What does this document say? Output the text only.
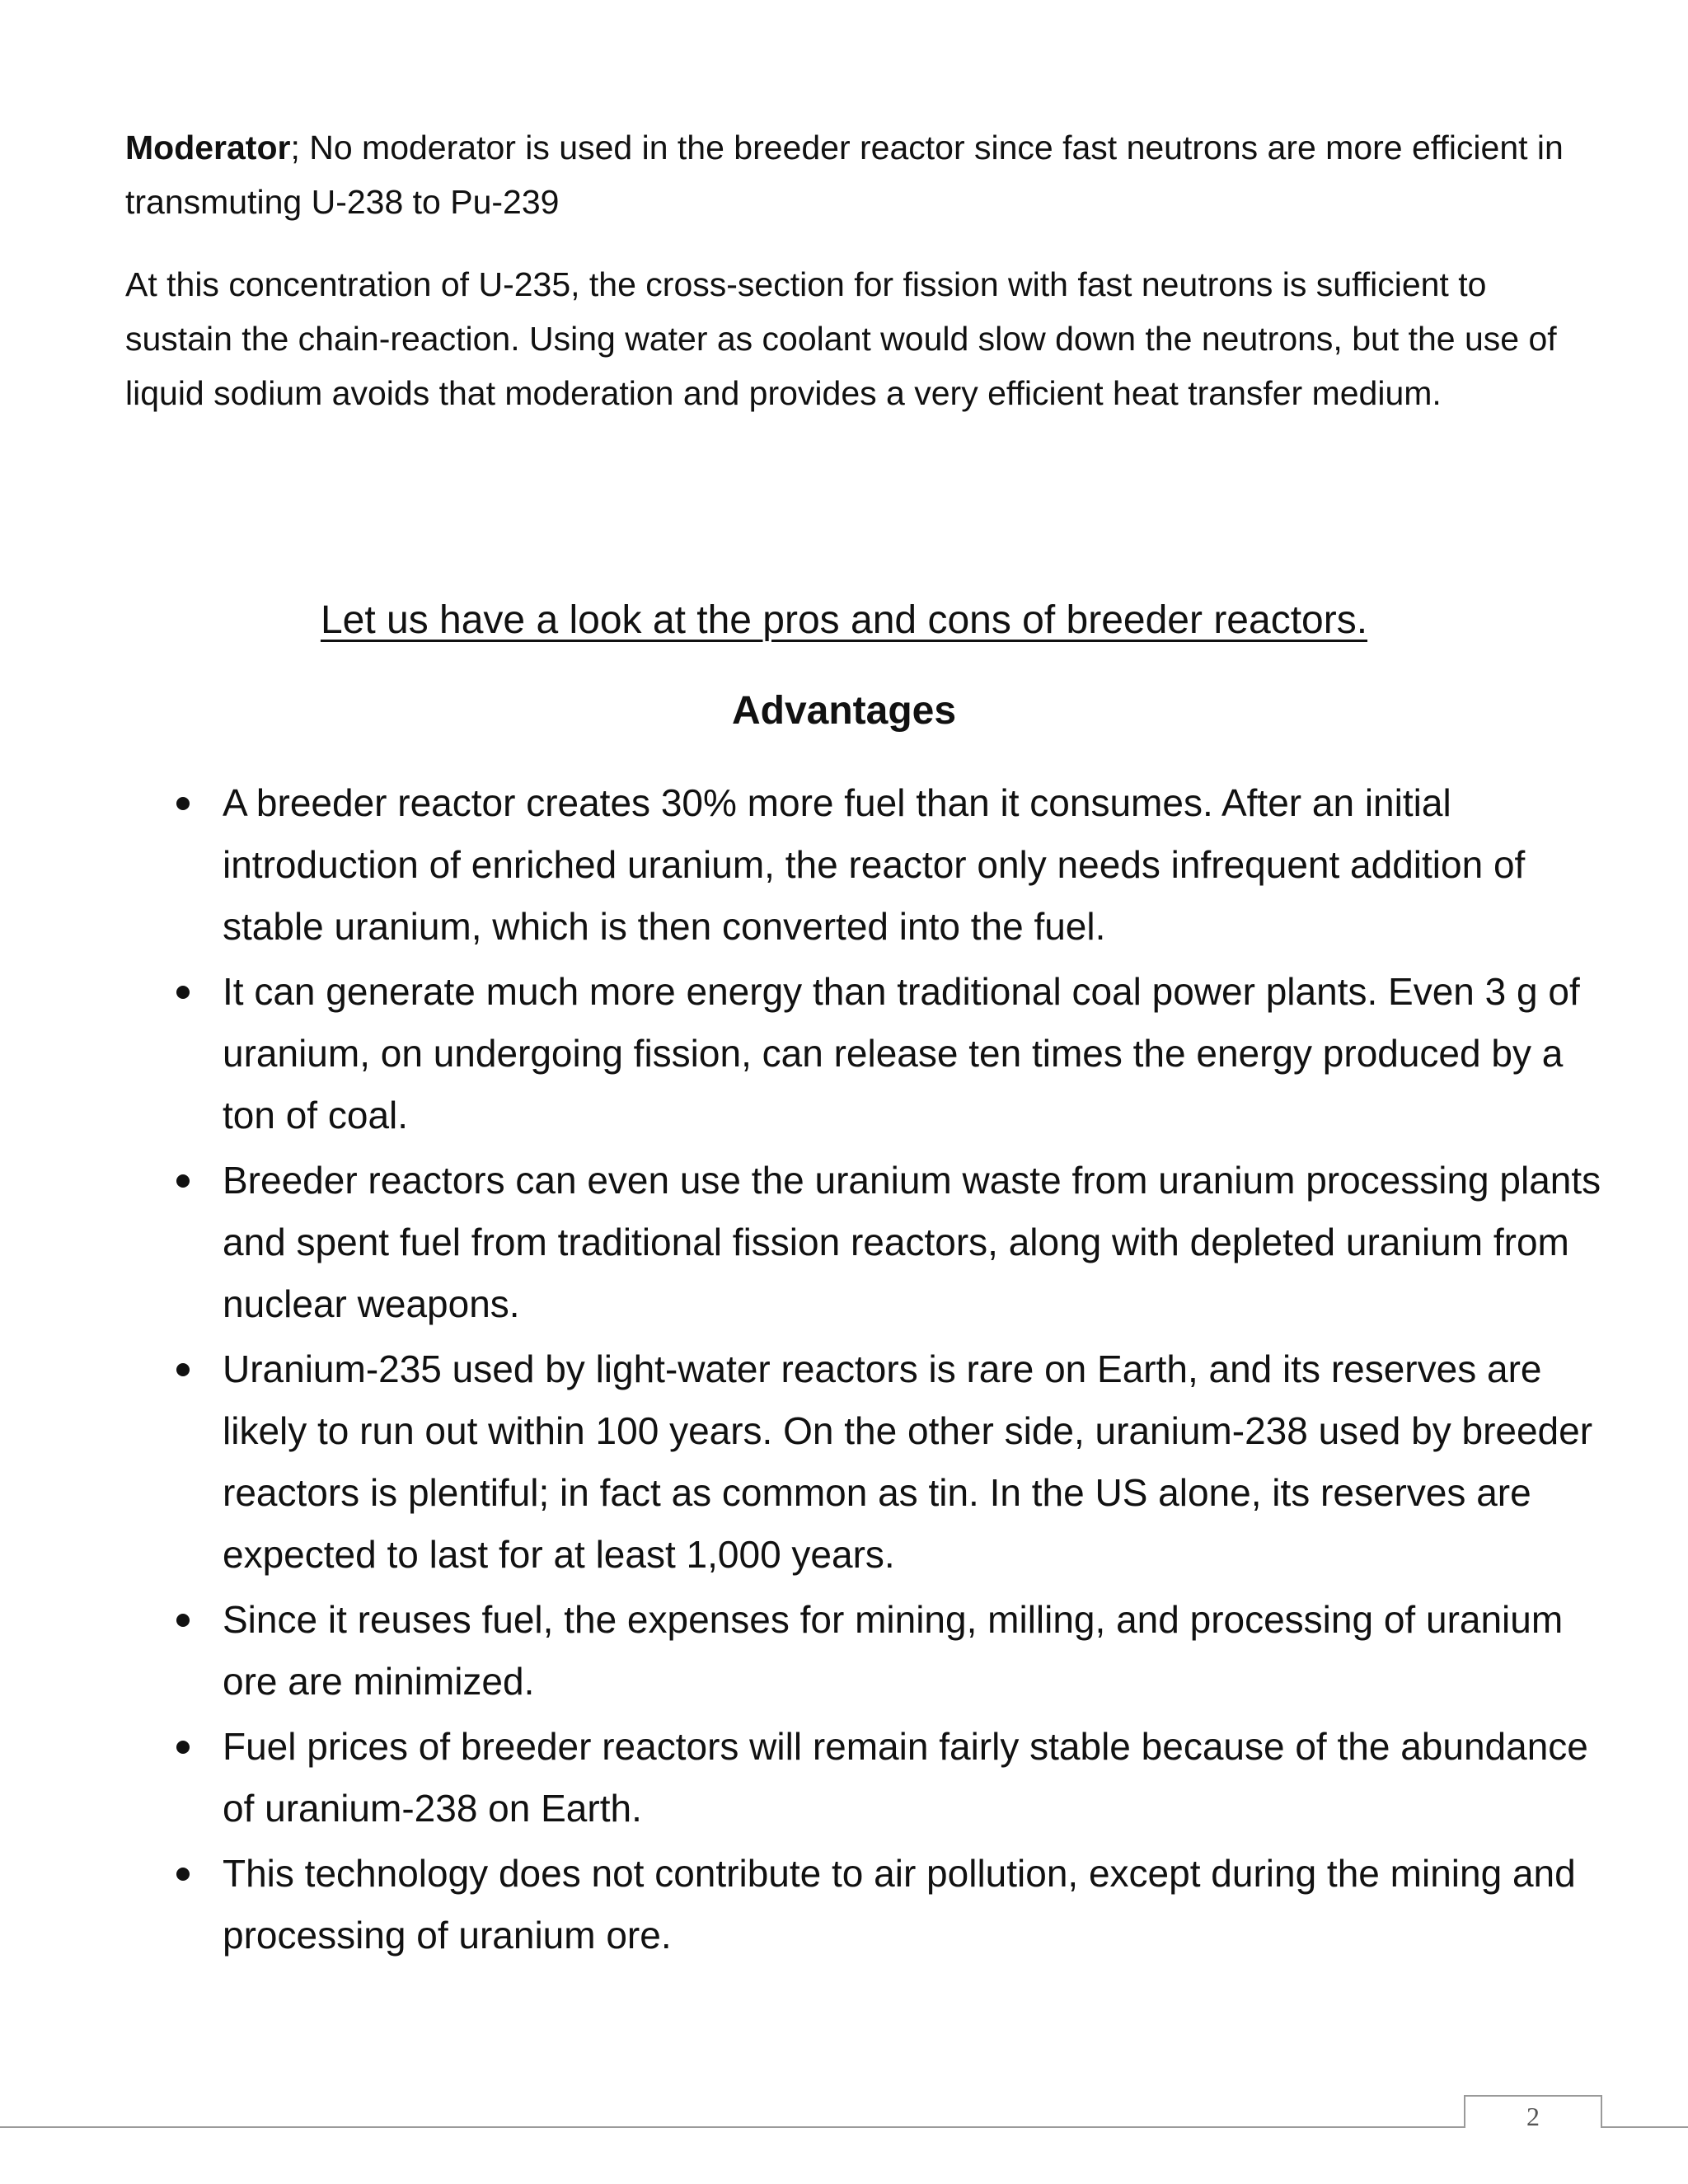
Moderator; No moderator is used in the breeder reactor since fast neutrons are more efficient in transmuting U-238 to Pu-239

At this concentration of U-235, the cross-section for fission with fast neutrons is sufficient to sustain the chain-reaction. Using water as coolant would slow down the neutrons, but the use of liquid sodium avoids that moderation and provides a very efficient heat transfer medium.

Let us have a look at the pros and cons of breeder reactors.

Advantages
A breeder reactor creates 30% more fuel than it consumes. After an initial introduction of enriched uranium, the reactor only needs infrequent addition of stable uranium, which is then converted into the fuel.
It can generate much more energy than traditional coal power plants. Even 3 g of uranium, on undergoing fission, can release ten times the energy produced by a ton of coal.
Breeder reactors can even use the uranium waste from uranium processing plants and spent fuel from traditional fission reactors, along with depleted uranium from nuclear weapons.
Uranium-235 used by light-water reactors is rare on Earth, and its reserves are likely to run out within 100 years. On the other side, uranium-238 used by breeder reactors is plentiful; in fact as common as tin. In the US alone, its reserves are expected to last for at least 1,000 years.
Since it reuses fuel, the expenses for mining, milling, and processing of uranium ore are minimized.
Fuel prices of breeder reactors will remain fairly stable because of the abundance of uranium-238 on Earth.
This technology does not contribute to air pollution, except during the mining and processing of uranium ore.
2
